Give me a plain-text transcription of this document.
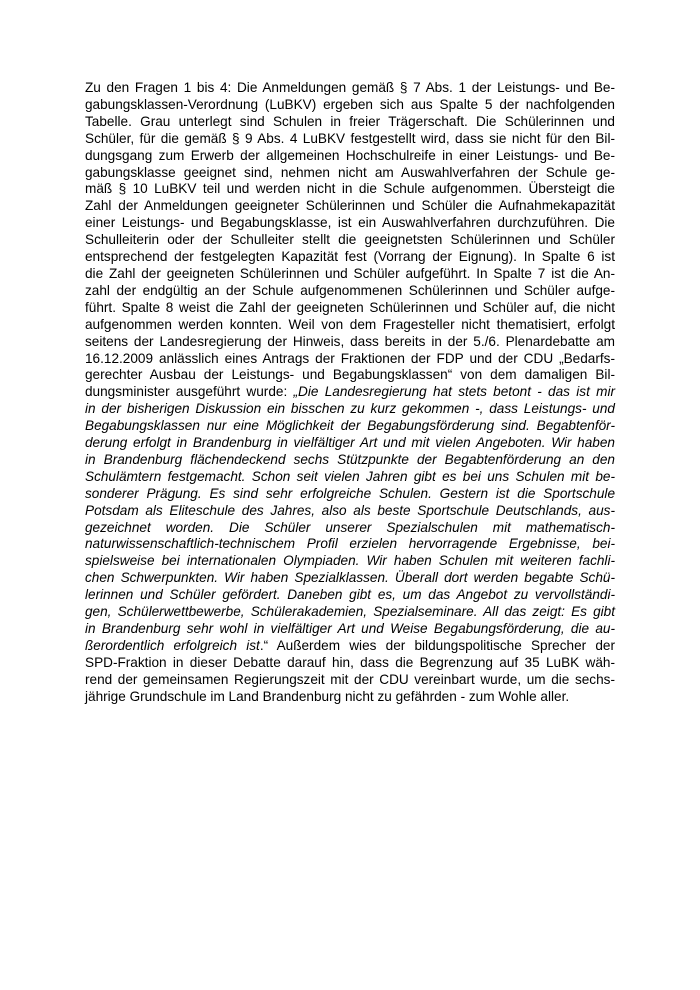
Zu den Fragen 1 bis 4: Die Anmeldungen gemäß § 7 Abs. 1 der Leistungs- und Be-
gabungsklassen-Verordnung (LuBKV) ergeben sich aus Spalte 5 der nachfolgenden
Tabelle. Grau unterlegt sind Schulen in freier Trägerschaft. Die Schülerinnen und
Schüler, für die gemäß § 9 Abs. 4 LuBKV festgestellt wird, dass sie nicht für den Bil-
dungsgang zum Erwerb der allgemeinen Hochschulreife in einer Leistungs- und Be-
gabungsklasse geeignet sind, nehmen nicht am Auswahlverfahren der Schule ge-
mäß § 10 LuBKV teil und werden nicht in die Schule aufgenommen. Übersteigt die
Zahl der Anmeldungen geeigneter Schülerinnen und Schüler die Aufnahmekapazität
einer Leistungs- und Begabungsklasse, ist ein Auswahlverfahren durchzuführen. Die
Schulleiterin oder der Schulleiter stellt die geeignetsten Schülerinnen und Schüler
entsprechend der festgelegten Kapazität fest (Vorrang der Eignung). In Spalte 6 ist
die Zahl der geeigneten Schülerinnen und Schüler aufgeführt. In Spalte 7 ist die An-
zahl der endgültig an der Schule aufgenommenen Schülerinnen und Schüler aufge-
führt. Spalte 8 weist die Zahl der geeigneten Schülerinnen und Schüler auf, die nicht
aufgenommen werden konnten. Weil von dem Fragesteller nicht thematisiert, erfolgt
seitens der Landesregierung der Hinweis, dass bereits in der 5./6. Plenardebatte am
16.12.2009 anlässlich eines Antrags der Fraktionen der FDP und der CDU „Bedarfs-
gerechter Ausbau der Leistungs- und Begabungsklassen“ von dem damaligen Bil-
dungsminister ausgeführt wurde: „Die Landesregierung hat stets betont - das ist mir
in der bisherigen Diskussion ein bisschen zu kurz gekommen -, dass Leistungs- und
Begabungsklassen nur eine Möglichkeit der Begabungsförderung sind. Begabtenför-
derung erfolgt in Brandenburg in vielfältiger Art und mit vielen Angeboten. Wir haben
in Brandenburg flächendeckend sechs Stützpunkte der Begabtenförderung an den
Schulämtern festgemacht. Schon seit vielen Jahren gibt es bei uns Schulen mit be-
sonderer Prägung. Es sind sehr erfolgreiche Schulen. Gestern ist die Sportschule
Potsdam als Eliteschule des Jahres, also als beste Sportschule Deutschlands, aus-
gezeichnet worden. Die Schüler unserer Spezialschulen mit mathematisch-
naturwissenschaftlich-technischem Profil erzielen hervorragende Ergebnisse, bei-
spielsweise bei internationalen Olympiaden. Wir haben Schulen mit weiteren fachli-
chen Schwerpunkten. Wir haben Spezialklassen. Überall dort werden begabte Schü-
lerinnen und Schüler gefördert. Daneben gibt es, um das Angebot zu vervollständi-
gen, Schülerwettbewerbe, Schülerakademien, Spezialseminare. All das zeigt: Es gibt
in Brandenburg sehr wohl in vielfältiger Art und Weise Begabungsförderung, die au-
ßerordentlich erfolgreich ist.“ Außerdem wies der bildungspolitische Sprecher der
SPD-Fraktion in dieser Debatte darauf hin, dass die Begrenzung auf 35 LuBK wäh-
rend der gemeinsamen Regierungszeit mit der CDU vereinbart wurde, um die sechs-
jährige Grundschule im Land Brandenburg nicht zu gefährden - zum Wohle aller.
